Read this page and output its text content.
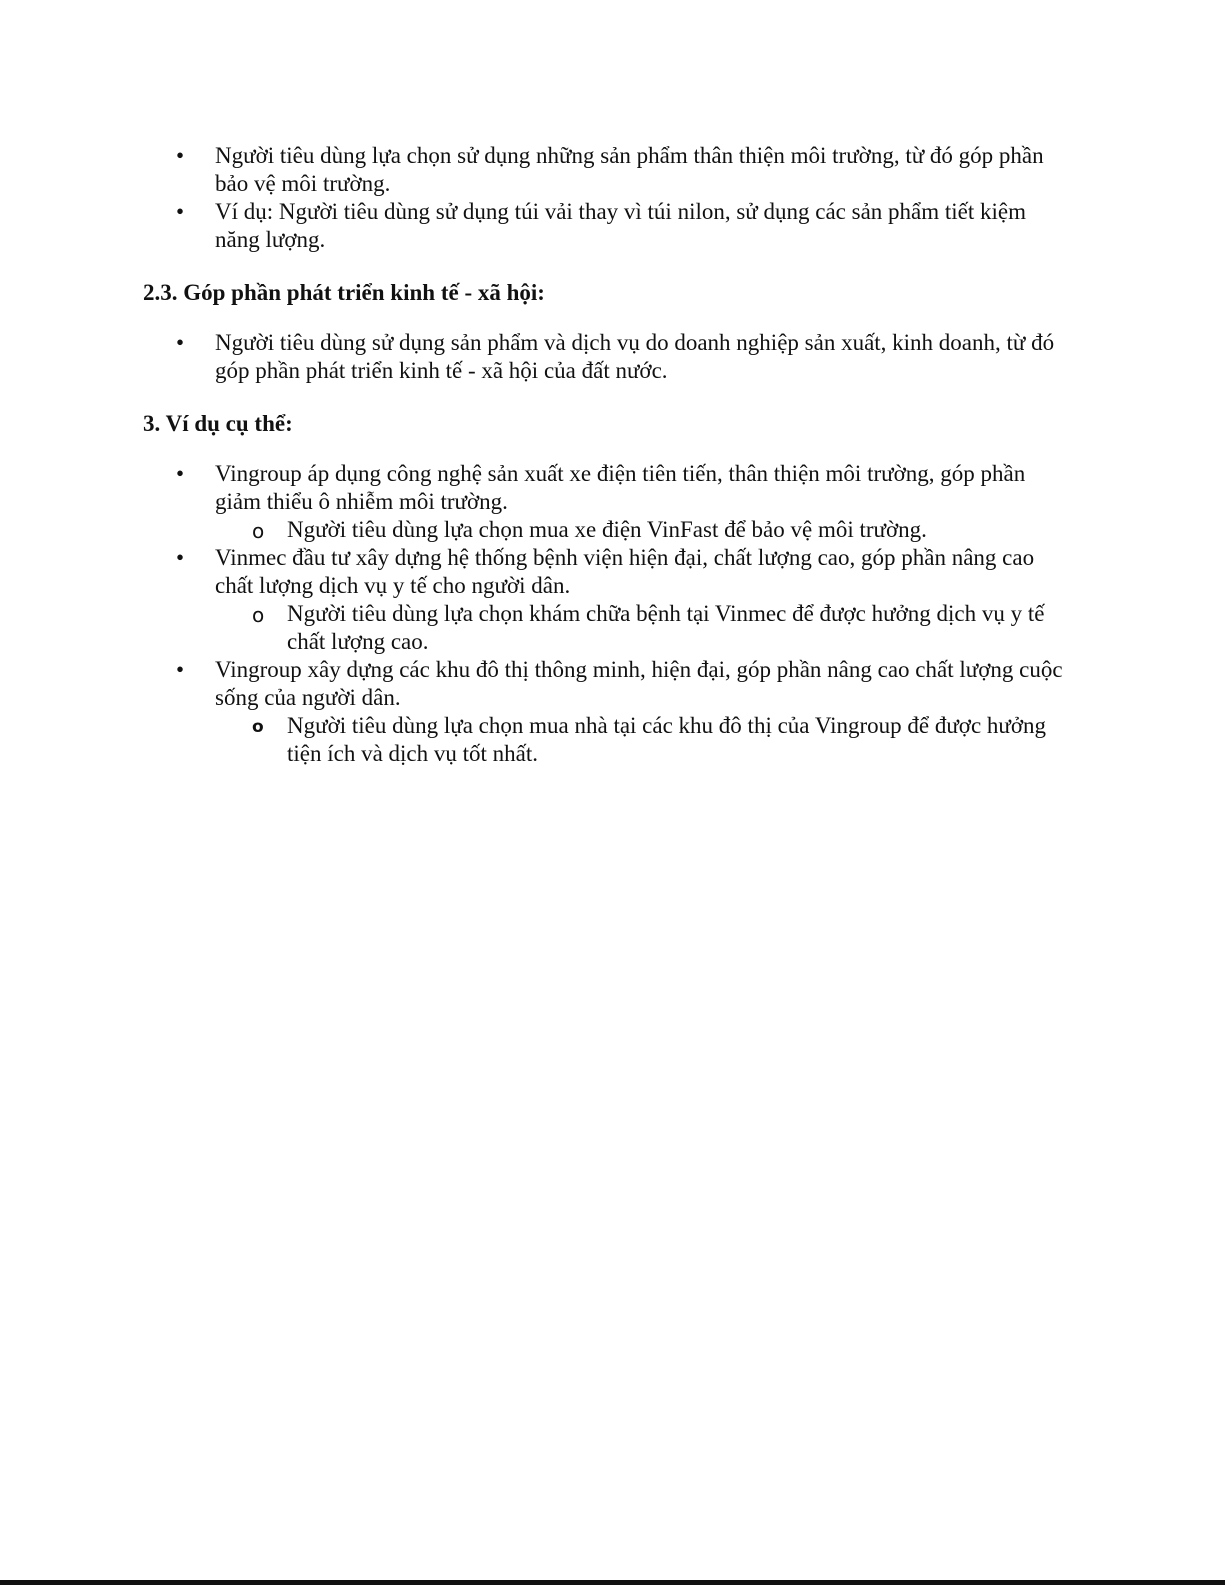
• Người tiêu dùng lựa chọn sử dụng những sản phẩm thân thiện môi trường, từ đó góp phần bảo vệ môi trường.
• Ví dụ: Người tiêu dùng sử dụng túi vải thay vì túi nilon, sử dụng các sản phẩm tiết kiệm năng lượng.
2.3. Góp phần phát triển kinh tế - xã hội:
• Người tiêu dùng sử dụng sản phẩm và dịch vụ do doanh nghiệp sản xuất, kinh doanh, từ đó góp phần phát triển kinh tế - xã hội của đất nước.
3. Ví dụ cụ thể:
• Vingroup áp dụng công nghệ sản xuất xe điện tiên tiến, thân thiện môi trường, góp phần giảm thiểu ô nhiễm môi trường.
o Người tiêu dùng lựa chọn mua xe điện VinFast để bảo vệ môi trường.
• Vinmec đầu tư xây dựng hệ thống bệnh viện hiện đại, chất lượng cao, góp phần nâng cao chất lượng dịch vụ y tế cho người dân.
o Người tiêu dùng lựa chọn khám chữa bệnh tại Vinmec để được hưởng dịch vụ y tế chất lượng cao.
• Vingroup xây dựng các khu đô thị thông minh, hiện đại, góp phần nâng cao chất lượng cuộc sống của người dân.
o Người tiêu dùng lựa chọn mua nhà tại các khu đô thị của Vingroup để được hưởng tiện ích và dịch vụ tốt nhất.
